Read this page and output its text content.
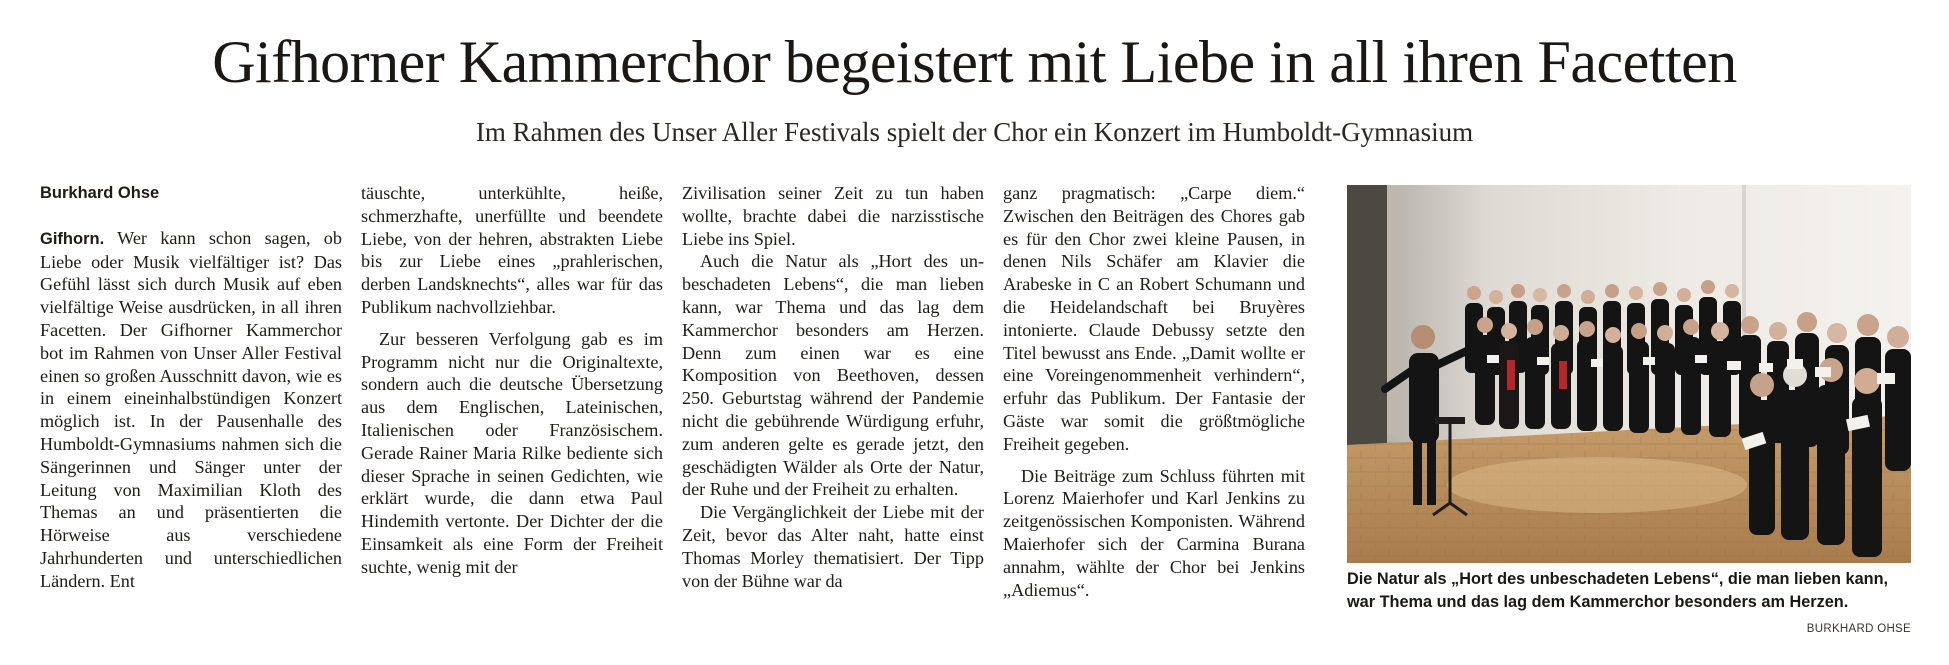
Gifhorner Kammerchor begeistert mit Liebe in all ihren Facetten
Im Rahmen des Unser Aller Festivals spielt der Chor ein Konzert im Humboldt-Gymnasium

Burkhard Ohse

Gifhorn. Wer kann schon sagen, ob Liebe oder Musik vielfältiger ist? Das Gefühl lässt sich durch Musik auf eben vielfältige Weise ausdrücken, in all ihren Facetten. Der Gifhorner Kammerchor bot im Rahmen von Unser Aller Festival einen so großen Ausschnitt davon, wie es in einem eineinhalbstündigen Konzert möglich ist. In der Pausenhalle des Humboldt-Gymnasiums nahmen sich die Sängerinnen und Sänger unter der Leitung von Maximilian Kloth des Themas an und präsentierten die Hörweise aus verschiedene Jahrhunderten und unterschiedlichen Ländern. Ent

täuschte, unterkühlte, heiße, schmerzhafte, unerfüllte und beendete Liebe, von der hehren, abstrakten Liebe bis zur Liebe eines „prahlerischen, derben Landsknechts“, alles war für das Publikum nachvollziehbar.

Zur besseren Verfolgung gab es im Programm nicht nur die Originaltexte, sondern auch die deutsche Übersetzung aus dem Englischen, Lateinischen, Italienischen oder Französischem. Gerade Rainer Maria Rilke bediente sich dieser Sprache in seinen Gedichten, wie erklärt wurde, die dann etwa Paul Hindemith vertonte. Der Dichter der die Einsamkeit als eine Form der Freiheit suchte, wenig mit der

Zivilisation seiner Zeit zu tun haben wollte, brachte dabei die narzisstische Liebe ins Spiel.

Auch die Natur als „Hort des unbeschadeten Lebens“, die man lieben kann, war Thema und das lag dem Kammerchor besonders am Herzen. Denn zum einen war es eine Komposition von Beethoven, dessen 250. Geburtstag während der Pandemie nicht die gebührende Würdigung erfuhr, zum anderen gelte es gerade jetzt, den geschädigten Wälder als Orte der Natur, der Ruhe und der Freiheit zu erhalten.

Die Vergänglichkeit der Liebe mit der Zeit, bevor das Alter naht, hatte einst Thomas Morley thematisiert. Der Tipp von der Bühne war da

ganz pragmatisch: „Carpe diem.“ Zwischen den Beiträgen des Chores gab es für den Chor zwei kleine Pausen, in denen Nils Schäfer am Klavier die Arabeske in C an Robert Schumann und die Heidelandschaft bei Bruyères intonierte. Claude Debussy setzte den Titel bewusst ans Ende. „Damit wollte er eine Voreingenommenheit verhindern“, erfuhr das Publikum. Der Fantasie der Gäste war somit die größtmögliche Freiheit gegeben.

Die Beiträge zum Schluss führten mit Lorenz Maierhofer und Karl Jenkins zu zeitgenössischen Komponisten. Während Maierhofer sich der Carmina Burana annahm, wählte der Chor bei Jenkins „Adiemus“.

Die Natur als „Hort des unbeschadeten Lebens“, die man lieben kann, war Thema und das lag dem Kammerchor besonders am Herzen.
BURKHARD OHSE
